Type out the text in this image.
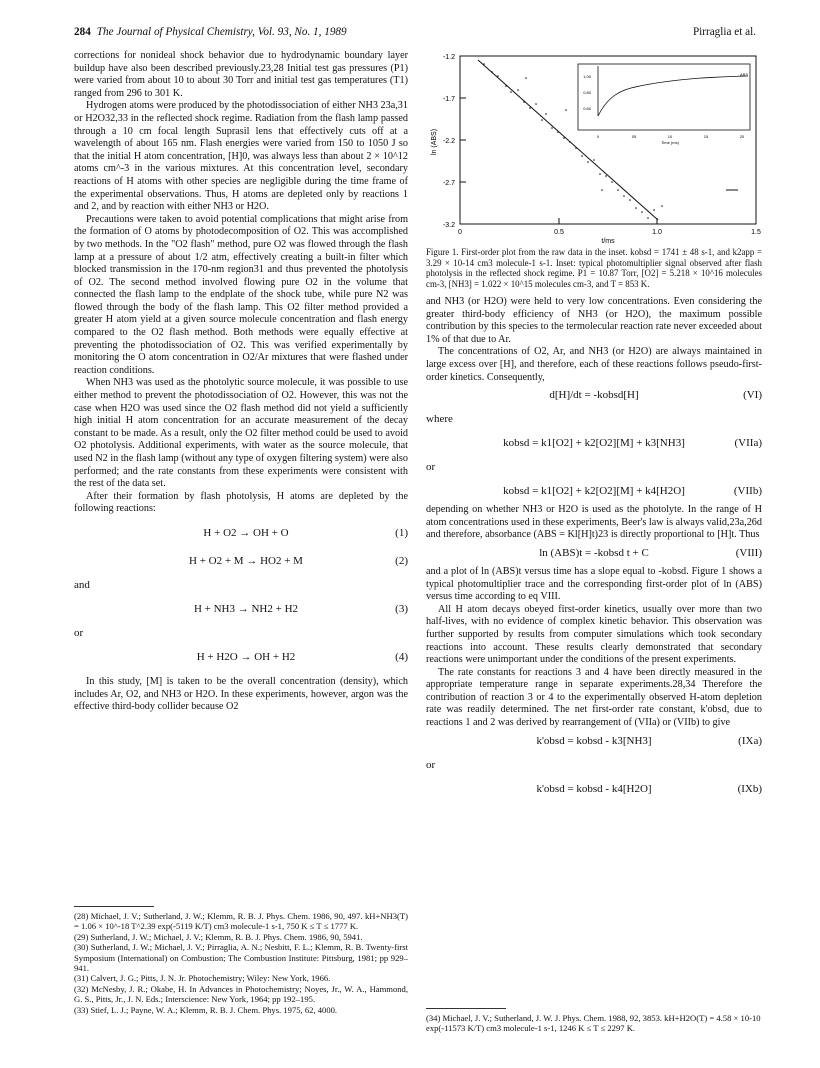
284 The Journal of Physical Chemistry, Vol. 93, No. 1, 1989	Pirraglia et al.

corrections for nonideal shock behavior due to hydrodynamic boundary layer buildup have also been described previously.23,28 Initial test gas pressures (P1) were varied from about 10 to about 30 Torr and initial test gas temperatures (T1) ranged from 296 to 301 K.

Hydrogen atoms were produced by the photodissociation of either NH3 23a,31 or H2O32,33 in the reflected shock regime. Radiation from the flash lamp passed through a 10 cm focal length Suprasil lens that effectively cuts off at a wavelength of about 165 nm. Flash energies were varied from 150 to 1050 J so that the initial H atom concentration, [H]0, was always less than about 2 × 10^12 atoms cm^-3 in the various mixtures. At this concentration level, secondary reactions of H atoms with other species are negligible during the time frame of the experimental observations. Thus, H atoms are depleted only by reactions 1 and 2, and by reaction with either NH3 or H2O.

Precautions were taken to avoid potential complications that might arise from the formation of O atoms by photodecomposition of O2. This was accomplished by two methods. In the "O2 flash" method, pure O2 was flowed through the flash lamp at a pressure of about 1/2 atm, effectively creating a built-in filter which blocked transmission in the 170-nm region31 and thus prevented the photolysis of O2. The second method involved flowing pure O2 in the volume that connected the flash lamp to the endplate of the shock tube, while pure N2 was flowed through the body of the flash lamp. This O2 filter method provided a greater H atom yield at a given source molecule concentration and flash energy compared to the O2 flash method. Both methods were equally effective at preventing the photodissociation of O2. This was verified experimentally by monitoring the O atom concentration in O2/Ar mixtures that were flashed under reaction conditions.

When NH3 was used as the photolytic source molecule, it was possible to use either method to prevent the photodissociation of O2. However, this was not the case when H2O was used since the O2 flash method did not yield a sufficiently high initial H atom concentration for an accurate measurement of the decay constant to be made. As a result, only the O2 filter method could be used to avoid O2 photolysis. Additional experiments, with water as the source molecule, that used N2 in the flash lamp (without any type of oxygen filtering system) were also performed; and the rate constants from these experiments were consistent with the rest of the data set.

After their formation by flash photolysis, H atoms are depleted by the following reactions:

H + O2 → OH + O	(1)
H + O2 + M → HO2 + M	(2)
and
H + NH3 → NH2 + H2	(3)
or
H + H2O → OH + H2	(4)

In this study, [M] is taken to be the overall concentration (density), which includes Ar, O2, and NH3 or H2O. In these experiments, however, argon was the effective third-body collider because O2

(28) Michael, J. V.; Sutherland, J. W.; Klemm, R. B. J. Phys. Chem. 1986, 90, 497. kH+NH3(T) = 1.06 × 10^-18 T^2.39 exp(-5119 K/T) cm3 molecule-1 s-1, 750 K ≤ T ≤ 1777 K.

(29) Sutherland, J. W.; Michael, J. V.; Klemm, R. B. J. Phys. Chem. 1986, 90, 5941.

(30) Sutherland, J. W.; Michael, J. V.; Pirraglia, A. N.; Nesbitt, F. L.; Klemm, R. B. Twenty-first Symposium (International) on Combustion; The Combustion Institute: Pittsburg, 1981; pp 929–941.

(31) Calvert, J. G.; Pitts, J. N. Jr. Photochemistry; Wiley: New York, 1966.

(32) McNesby, J. R.; Okabe, H. In Advances in Photochemistry; Noyes, Jr., W. A., Hammond, G. S., Pitts, Jr., J. N. Eds.; Interscience: New York, 1964; pp 192–195.

(33) Stief, L. J.; Payne, W. A.; Klemm, R. B. J. Chem. Phys. 1975, 62, 4000.

-1.2
-1.7
-2.2
-2.7
-3.2
0	0.5	1.0	1.5
t/ms
ln (ABS)
1.00
0.80
0.60
ABS
0	05	10	15	20
Time (ms)
Figure 1. First-order plot from the raw data in the inset. kobsd = 1741 ± 48 s-1, and k2app = 3.29 × 10-14 cm3 molecule-1 s-1. Inset: typical photomultiplier signal observed after flash photolysis in the reflected shock regime. P1 = 10.87 Torr, [O2] = 5.218 × 10^16 molecules cm-3, [NH3] = 1.022 × 10^15 molecules cm-3, and T = 853 K.

and NH3 (or H2O) were held to very low concentrations. Even considering the greater third-body efficiency of NH3 (or H2O), the maximum possible contribution by this species to the termolecular reaction rate never exceeded about 1% of that due to Ar.

The concentrations of O2, Ar, and NH3 (or H2O) are always maintained in large excess over [H], and therefore, each of these reactions follows pseudo-first-order kinetics. Consequently,

d[H]/dt = -kobsd[H]	(VI)
where
kobsd = k1[O2] + k2[O2][M] + k3[NH3]	(VIIa)
or
kobsd = k1[O2] + k2[O2][M] + k4[H2O]	(VIIb)

depending on whether NH3 or H2O is used as the photolyte. In the range of H atom concentrations used in these experiments, Beer's law is always valid,23a,26d and therefore, absorbance (ABS = Kl[H]t)23 is directly proportional to [H]t. Thus

ln (ABS)t = -kobsd t + C	(VIII)

and a plot of ln (ABS)t versus time has a slope equal to -kobsd. Figure 1 shows a typical photomultiplier trace and the corresponding first-order plot of ln (ABS) versus time according to eq VIII.

All H atom decays obeyed first-order kinetics, usually over more than two half-lives, with no evidence of complex kinetic behavior. This observation was further supported by results from computer simulations which took secondary reactions into account. These results clearly demonstrated that secondary reactions were unimportant under the conditions of the present experiments.

The rate constants for reactions 3 and 4 have been directly measured in the appropriate temperature range in separate experiments.28,34 Therefore the contribution of reaction 3 or 4 to the experimentally observed H-atom depletion rate was readily determined. The net first-order rate constant, k'obsd, due to reactions 1 and 2 was derived by rearrangement of (VIIa) or (VIIb) to give

k'obsd = kobsd - k3[NH3]	(IXa)
or
k'obsd = kobsd - k4[H2O]	(IXb)

(34) Michael, J. V.; Sutherland, J. W. J. Phys. Chem. 1988, 92, 3853. kH+H2O(T) = 4.58 × 10-10 exp(-11573 K/T) cm3 molecule-1 s-1, 1246 K ≤ T ≤ 2297 K.
